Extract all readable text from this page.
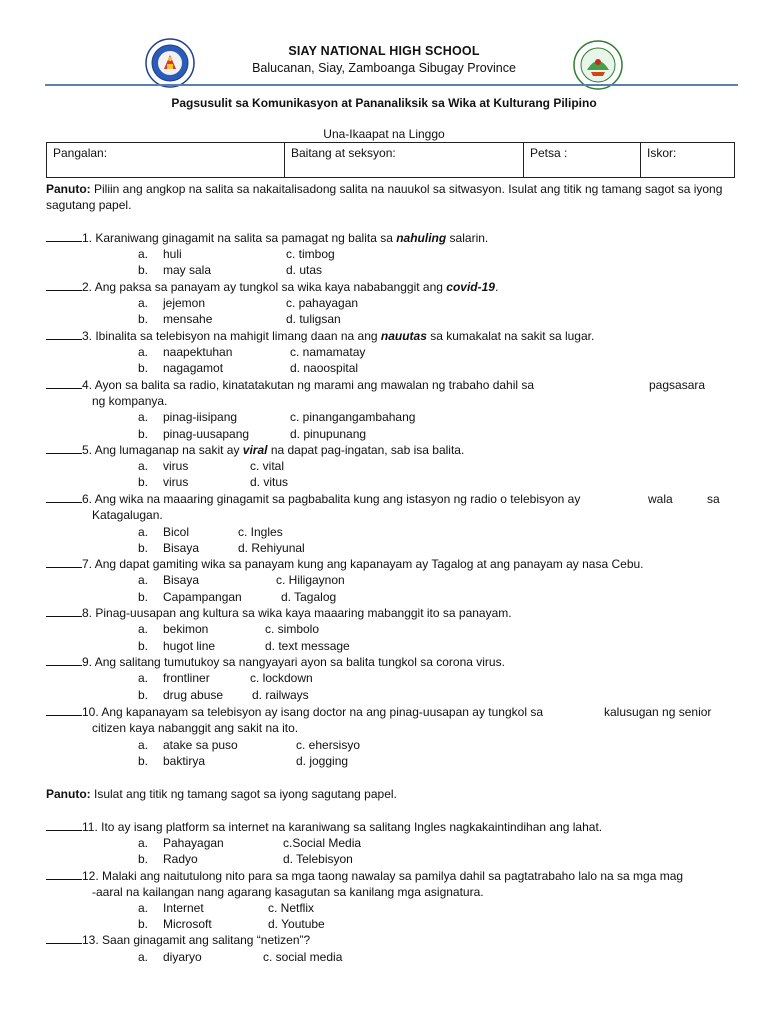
SIAY NATIONAL HIGH SCHOOL
Balucanan, Siay, Zamboanga Sibugay Province
Pagsusulit sa Komunikasyon at Pananaliksik sa Wika at Kulturang Pilipino
Una-Ikaapat na Linggo
Pangalan:	Baitang at seksyon:	Petsa :	Iskor:
Panuto: Piliin ang angkop na salita sa nakaitalisadong salita na nauukol sa sitwasyon. Isulat ang titik ng tamang sagot sa iyong sagutang papel.
1. Karaniwang ginagamit na salita sa pamagat ng balita sa nahuling salarin.
a. huli	c. timbog
b. may sala	d. utas
2. Ang paksa sa panayam ay tungkol sa wika kaya nababanggit ang covid-19.
a. jejemon	c. pahayagan
b. mensahe	d. tuligsan
3. Ibinalita sa telebisyon na mahigit limang daan na ang nauutas sa kumakalat na sakit sa lugar.
a. naapektuhan	c. namamatay
b. nagagamot	d. naoospital
4. Ayon sa balita sa radio, kinatatakutan ng marami ang mawalan ng trabaho dahil sa	pagsasara
ng kompanya.
a. pinag-iisipang	c. pinangangambahang
b. pinag-uusapang	d. pinupunang
5. Ang lumaganap na sakit ay viral na dapat pag-ingatan, sab isa balita.
a. virus	c. vital
b. virus	d. vitus
6. Ang wika na maaaring ginagamit sa pagbabalita kung ang istasyon ng radio o telebisyon ay	wala	sa
Katagalugan.
a. Bicol	c. Ingles
b. Bisaya	d. Rehiyunal
7. Ang dapat gamiting wika sa panayam kung ang kapanayam ay Tagalog at ang panayam ay nasa Cebu.
a. Bisaya	c. Hiligaynon
b. Capampangan	d. Tagalog
8. Pinag-uusapan ang kultura sa wika kaya maaaring mabanggit ito sa panayam.
a. bekimon	c. simbolo
b. hugot line	d. text message
9. Ang salitang tumutukoy sa nangyayari ayon sa balita tungkol sa corona virus.
a. frontliner	c. lockdown
b. drug abuse d. railways
10. Ang kapanayam sa telebisyon ay isang doctor na ang pinag-uusapan ay tungkol sa	kalusugan ng senior
citizen kaya nabanggit ang sakit na ito.
a. atake sa puso	c. ehersisyo
b. baktirya	d. jogging
Panuto: Isulat ang titik ng tamang sagot sa iyong sagutang papel.
11. Ito ay isang platform sa internet na karaniwang sa salitang Ingles nagkakaintindihan ang lahat.
a. Pahayagan	c.Social Media
b. Radyo	d. Telebisyon
12. Malaki ang naitutulong nito para sa mga taong nawalay sa pamilya dahil sa pagtatrabaho lalo na sa mga mag
-aaral na kailangan nang agarang kasagutan sa kanilang mga asignatura.
a. Internet	c. Netflix
b. Microsoft	d. Youtube
13. Saan ginagamit ang salitang “netizen”?
a. diyaryo	c. social media
